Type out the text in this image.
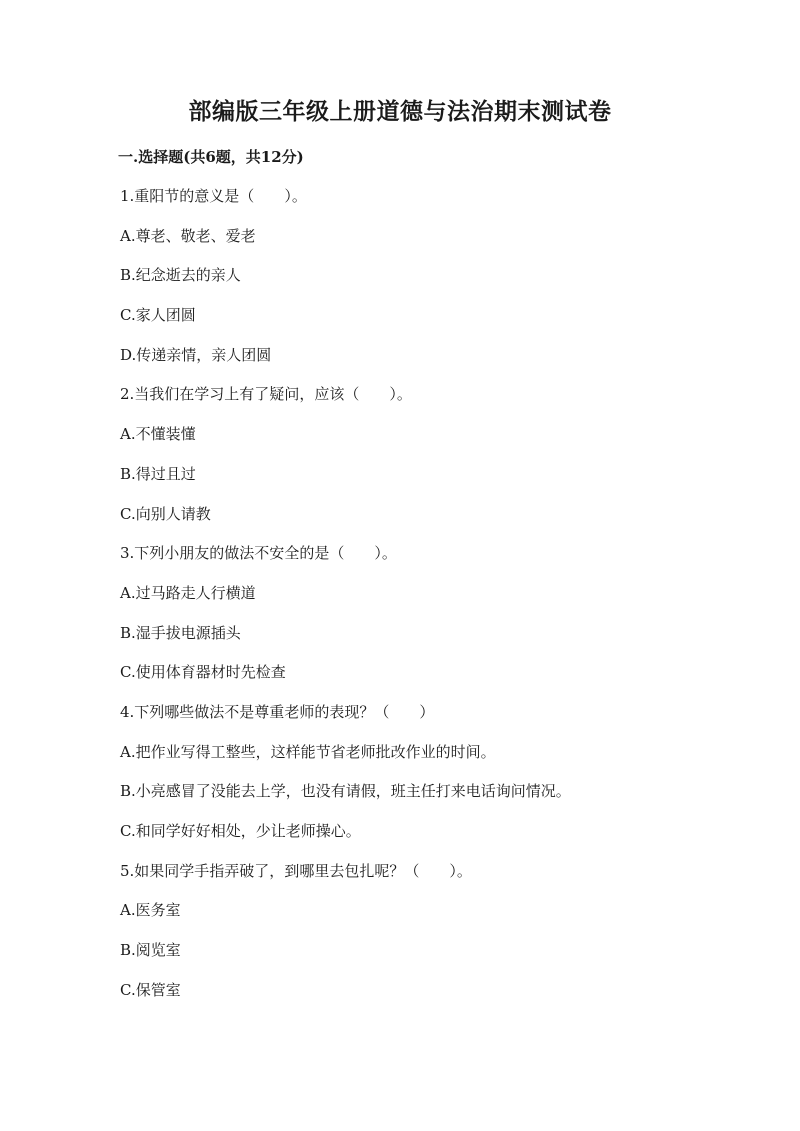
部编版三年级上册道德与法治期末测试卷
一.选择题(共6题，共12分)
1.重阳节的意义是（　　）。
A.尊老、敬老、爱老
B.纪念逝去的亲人
C.家人团圆
D.传递亲情，亲人团圆
2.当我们在学习上有了疑问，应该（　　）。
A.不懂装懂
B.得过且过
C.向别人请教
3.下列小朋友的做法不安全的是（　　）。
A.过马路走人行横道
B.湿手拔电源插头
C.使用体育器材时先检查
4.下列哪些做法不是尊重老师的表现？（　　）
A.把作业写得工整些，这样能节省老师批改作业的时间。
B.小亮感冒了没能去上学，也没有请假，班主任打来电话询问情况。
C.和同学好好相处，少让老师操心。
5.如果同学手指弄破了，到哪里去包扎呢？（　　）。
A.医务室
B.阅览室
C.保管室
